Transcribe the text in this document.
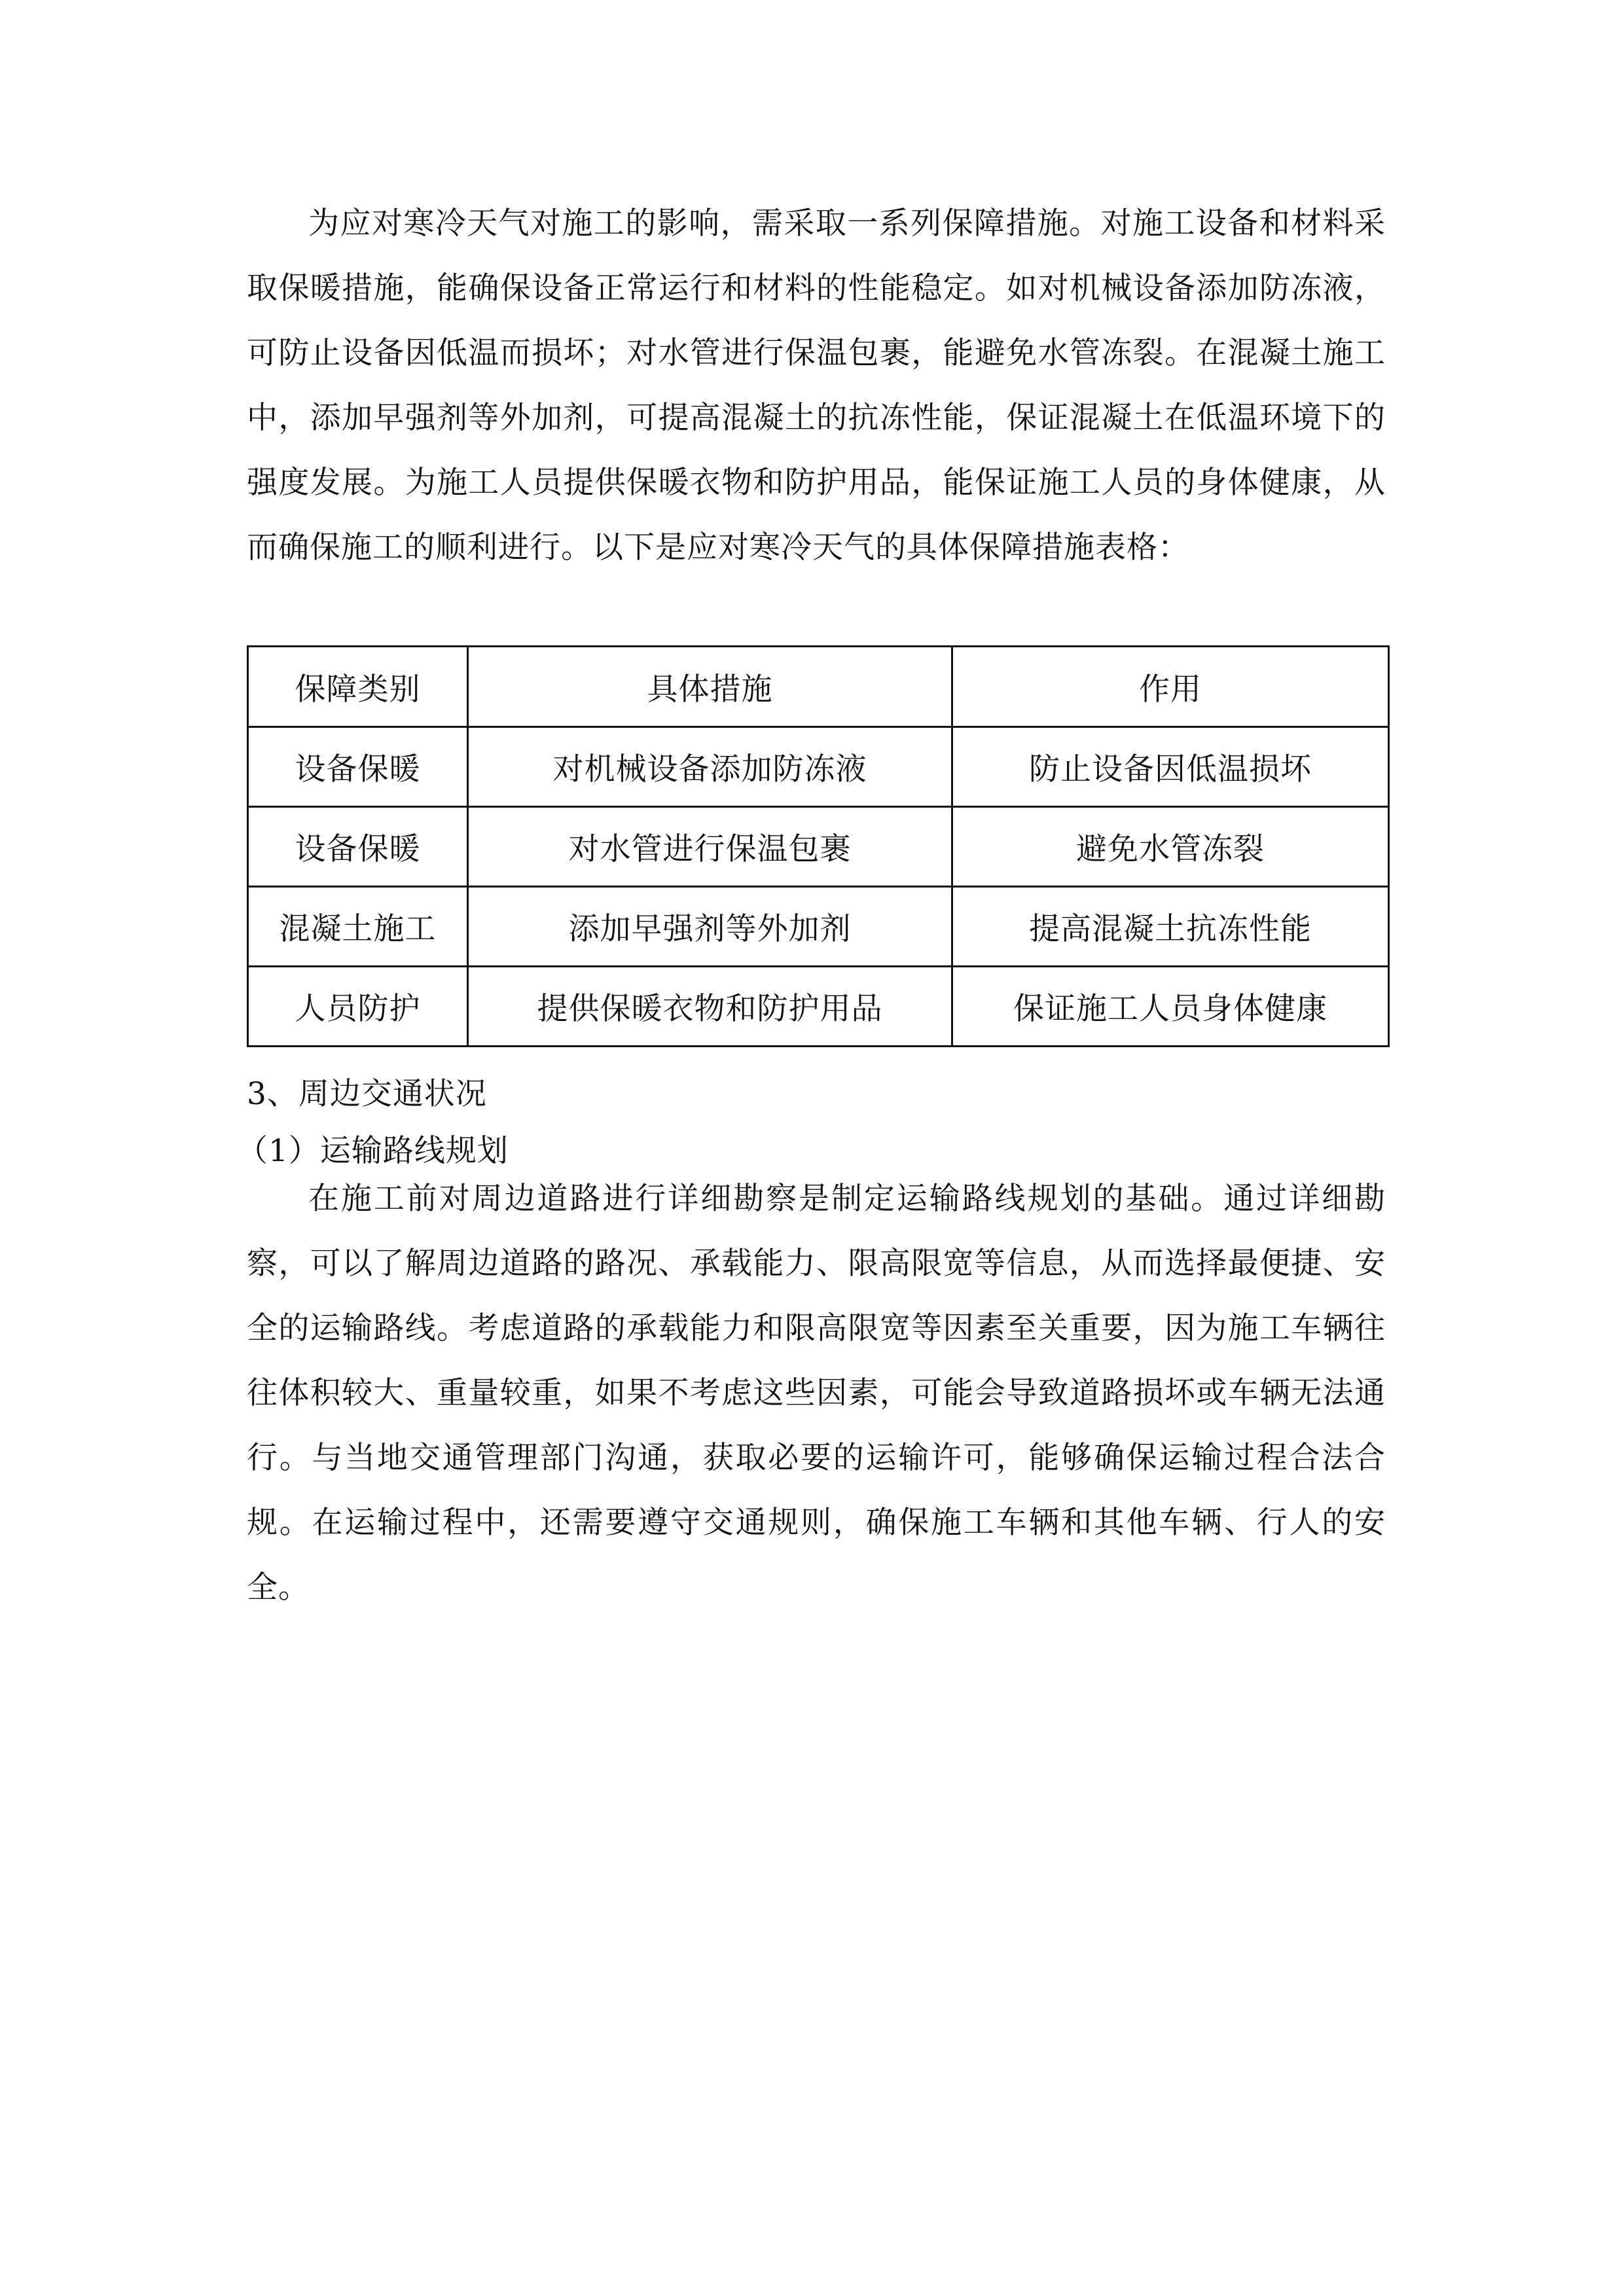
为应对寒冷天气对施工的影响，需采取一系列保障措施。对施工设备和材料采取保暖措施，能确保设备正常运行和材料的性能稳定。如对机械设备添加防冻液，可防止设备因低温而损坏；对水管进行保温包裹，能避免水管冻裂。在混凝土施工中，添加早强剂等外加剂，可提高混凝土的抗冻性能，保证混凝土在低温环境下的强度发展。为施工人员提供保暖衣物和防护用品，能保证施工人员的身体健康，从而确保施工的顺利进行。以下是应对寒冷天气的具体保障措施表格：

保障类别	具体措施	作用
设备保暖	对机械设备添加防冻液	防止设备因低温损坏
设备保暖	对水管进行保温包裹	避免水管冻裂
混凝土施工	添加早强剂等外加剂	提高混凝土抗冻性能
人员防护	提供保暖衣物和防护用品	保证施工人员身体健康
3、周边交通状况
（1）运输路线规划

在施工前对周边道路进行详细勘察是制定运输路线规划的基础。通过详细勘察，可以了解周边道路的路况、承载能力、限高限宽等信息，从而选择最便捷、安全的运输路线。考虑道路的承载能力和限高限宽等因素至关重要，因为施工车辆往往体积较大、重量较重，如果不考虑这些因素，可能会导致道路损坏或车辆无法通行。与当地交通管理部门沟通，获取必要的运输许可，能够确保运输过程合法合规。在运输过程中，还需要遵守交通规则，确保施工车辆和其他车辆、行人的安全。
